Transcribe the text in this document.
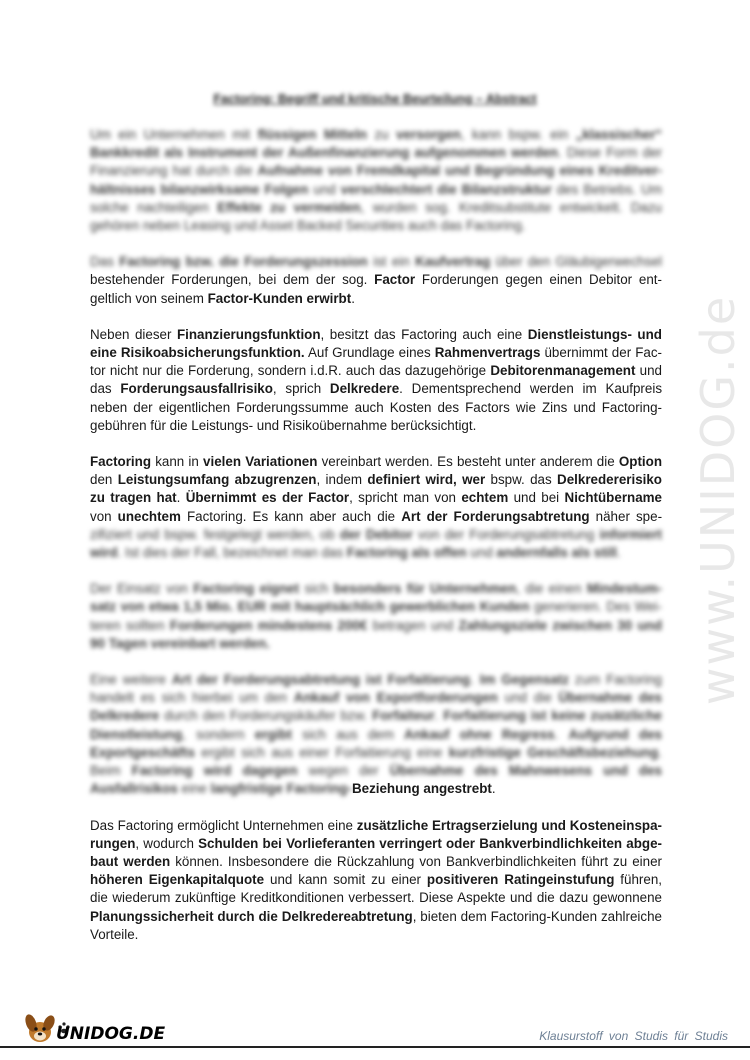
www.UNIDOG.de
Factoring: Begriff und kritische Beurteilung – Abstract

Um ein Unternehmen mit flüssigen Mitteln zu versorgen, kann bspw. ein „klassischer“ Bankkredit als Instrument der Außenfinanzierung aufgenommen werden. Diese Form der Finanzierung hat durch die Aufnahme von Fremdkapital und Begründung eines Kreditverhältnisses bilanzwirksame Folgen und verschlechtert die Bilanzstruktur des Betriebs. Um solche nachteiligen Effekte zu vermeiden, wurden sog. Kreditsubstitute entwickelt. Dazu gehören neben Leasing und Asset Backed Securities auch das Factoring.

Das Factoring bzw. die Forderungszession ist ein Kaufvertrag über den Gläubigerwechsel bestehender Forderungen, bei dem der sog. Factor Forderungen gegen einen Debitor entgeltlich von seinem Factor-Kunden erwirbt.

Neben dieser Finanzierungsfunktion, besitzt das Factoring auch eine Dienstleistungs- und eine Risikoabsicherungsfunktion. Auf Grundlage eines Rahmenvertrags übernimmt der Factor nicht nur die Forderung, sondern i.d.R. auch das dazugehörige Debitorenmanagement und das Forderungsausfallrisiko, sprich Delkredere. Dementsprechend werden im Kaufpreis neben der eigentlichen Forderungssumme auch Kosten des Factors wie Zins und Factoringgebühren für die Leistungs- und Risikoübernahme berücksichtigt.

Factoring kann in vielen Variationen vereinbart werden. Es besteht unter anderem die Option den Leistungsumfang abzugrenzen, indem definiert wird, wer bspw. das Delkredererisiko zu tragen hat. Übernimmt es der Factor, spricht man von echtem und bei Nichtübername von unechtem Factoring. Es kann aber auch die Art der Forderungsabtretung näher spezifiziert und bspw. festgelegt werden, ob der Debitor von der Forderungsabtretung informiert wird. Ist dies der Fall, bezeichnet man das Factoring als offen und andernfalls als still.

Der Einsatz von Factoring eignet sich besonders für Unternehmen, die einen Mindestumsatz von etwa 1,5 Mio. EUR mit hauptsächlich gewerblichen Kunden generieren. Des Weiteren sollten Forderungen mindestens 200€ betragen und Zahlungsziele zwischen 30 und 90 Tagen vereinbart werden.

Eine weitere Art der Forderungsabtretung ist Forfaitierung. Im Gegensatz zum Factoring handelt es sich hierbei um den Ankauf von Exportforderungen und die Übernahme des Delkredere durch den Forderungskäufer bzw. Forfaiteur. Forfaitierung ist keine zusätzliche Dienstleistung, sondern ergibt sich aus dem Ankauf ohne Regress. Aufgrund des Exportgeschäfts ergibt sich aus einer Forfaitierung eine kurzfristige Geschäftsbeziehung. Beim Factoring wird dagegen wegen der Übernahme des Mahnwesens und des Ausfallrisikos eine langfristige Factoring-Beziehung angestrebt.

Das Factoring ermöglicht Unternehmen eine zusätzliche Ertragserzielung und Kosteneinsparungen, wodurch Schulden bei Vorlieferanten verringert oder Bankverbindlichkeiten abgebaut werden können. Insbesondere die Rückzahlung von Bankverbindlichkeiten führt zu einer höheren Eigenkapitalquote und kann somit zu einer positiveren Ratingeinstufung führen, die wiederum zukünftige Kreditkonditionen verbessert. Diese Aspekte und die dazu gewonnene Planungssicherheit durch die Delkredereabtretung, bieten dem Factoring-Kunden zahlreiche Vorteile.

UNIDOG.DE	Klausurstoff von Studis für Studis
